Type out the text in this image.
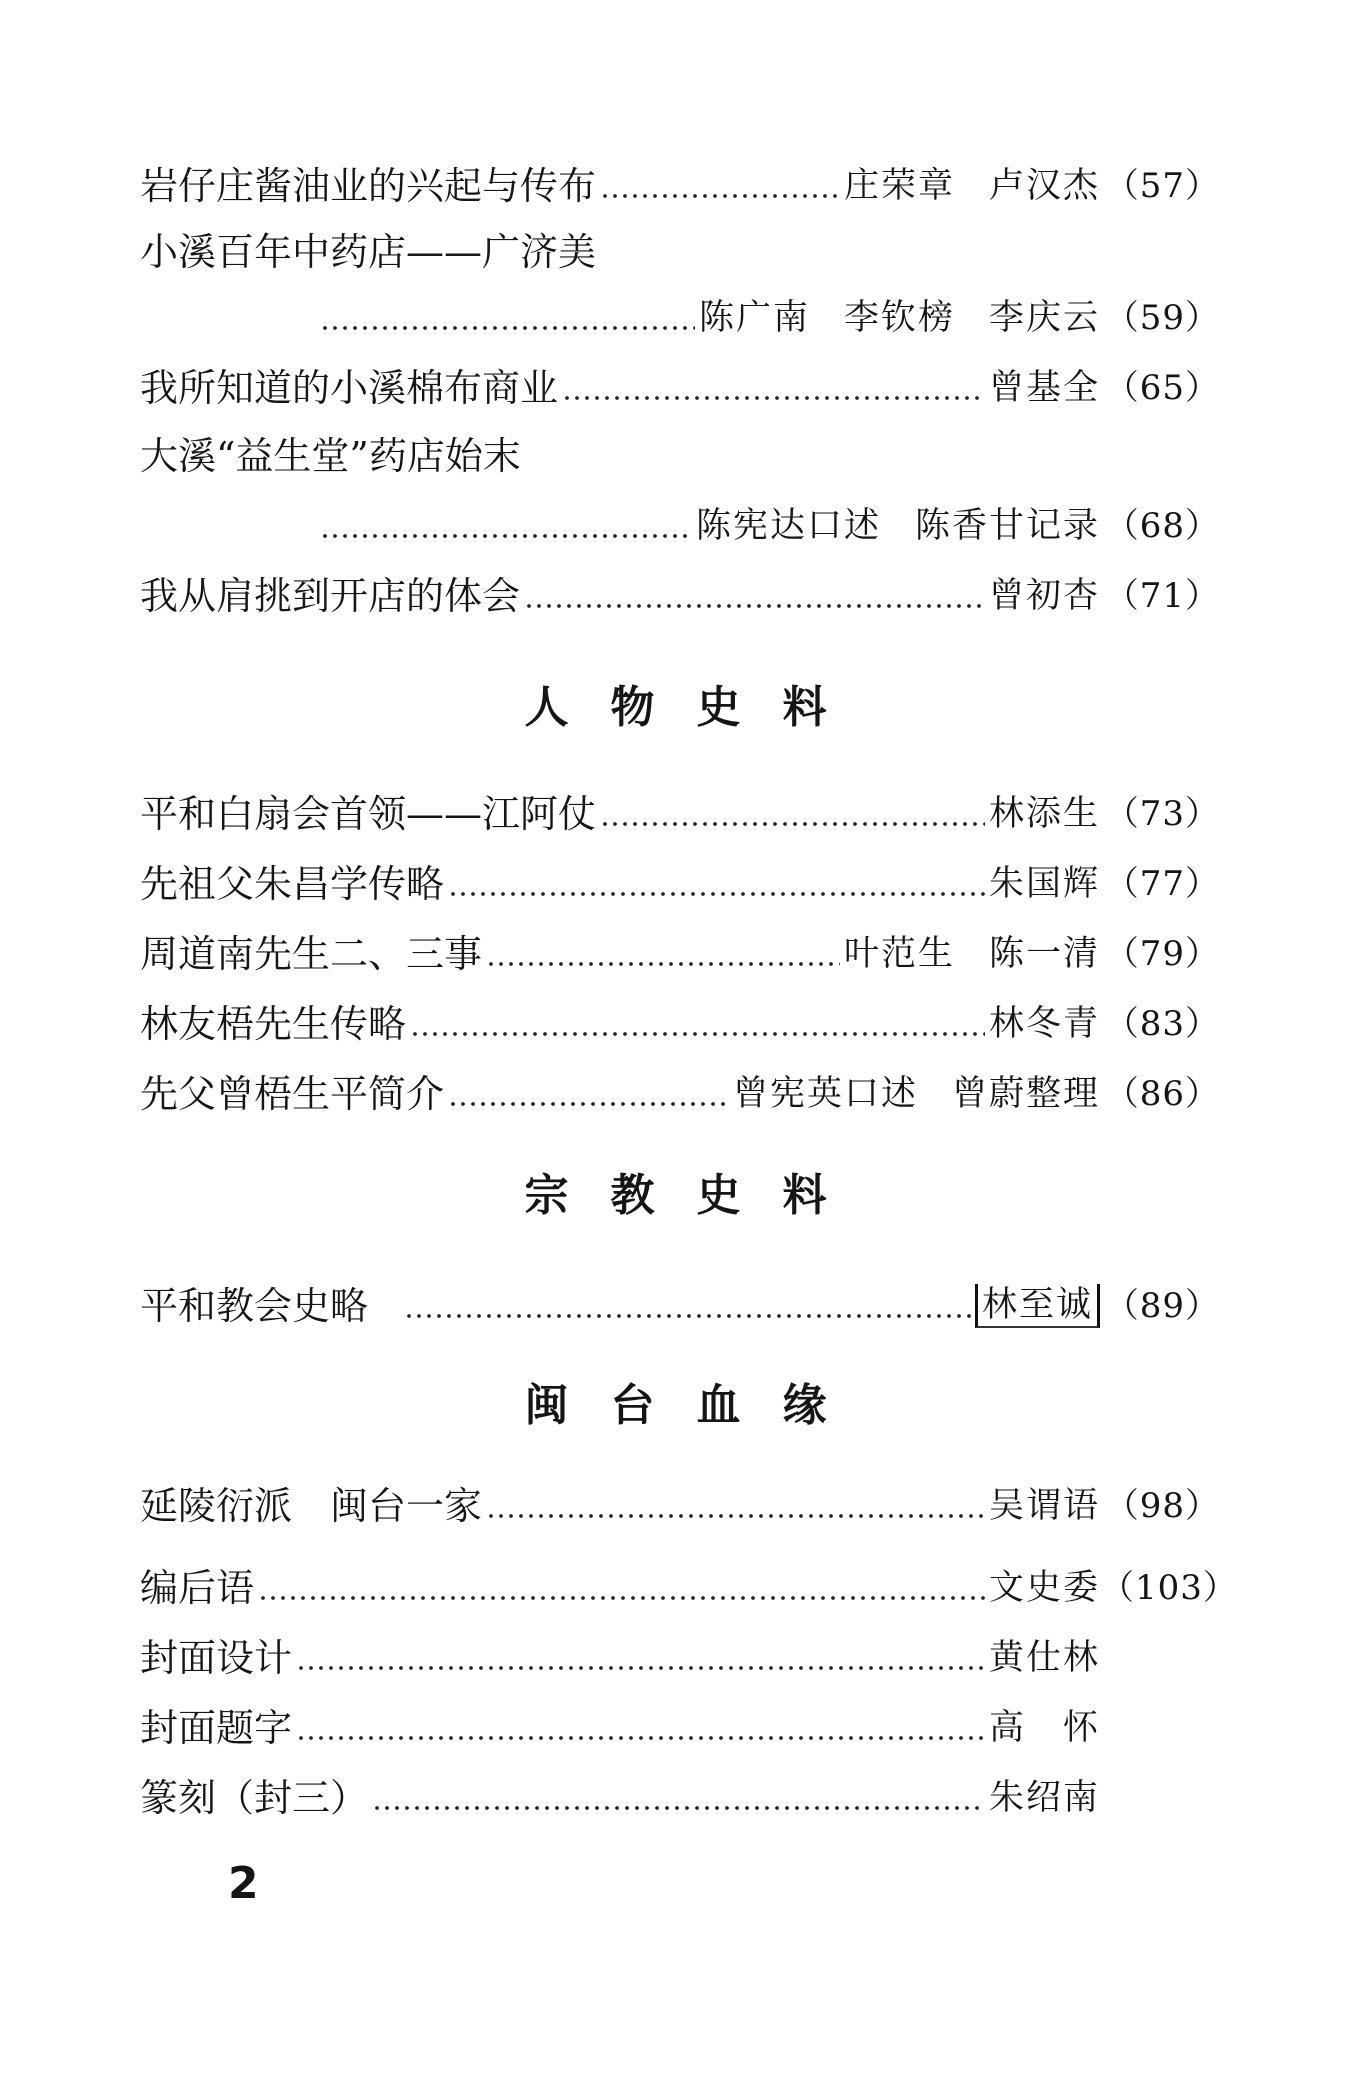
岩仔庄酱油业的兴起与传布	庄荣章 卢汉杰 （57）
小溪百年中药店——广济美
陈广南 李钦榜 李庆云 （59）
我所知道的小溪棉布商业	曾基全 （65）
大溪“益生堂”药店始末
陈宪达口述 陈香甘记录 （68）
我从肩挑到开店的体会	曾初杏 （71）
人物史料
平和白扇会首领——江阿仗	林添生 （73）
先祖父朱昌学传略	朱国辉 （77）
周道南先生二、三事	叶范生 陈一清 （79）
林友梧先生传略	林冬青 （83）
先父曾梧生平简介	曾宪英口述 曾蔚整理 （86）
宗教史料
平和教会史略	林至诚 （89）
闽台血缘
延陵衍派　闽台一家	吴谓语 （98）
编后语	文史委 （103）
封面设计	黄仕林
封面题字	高　怀
篆刻（封三）	朱绍南
2
